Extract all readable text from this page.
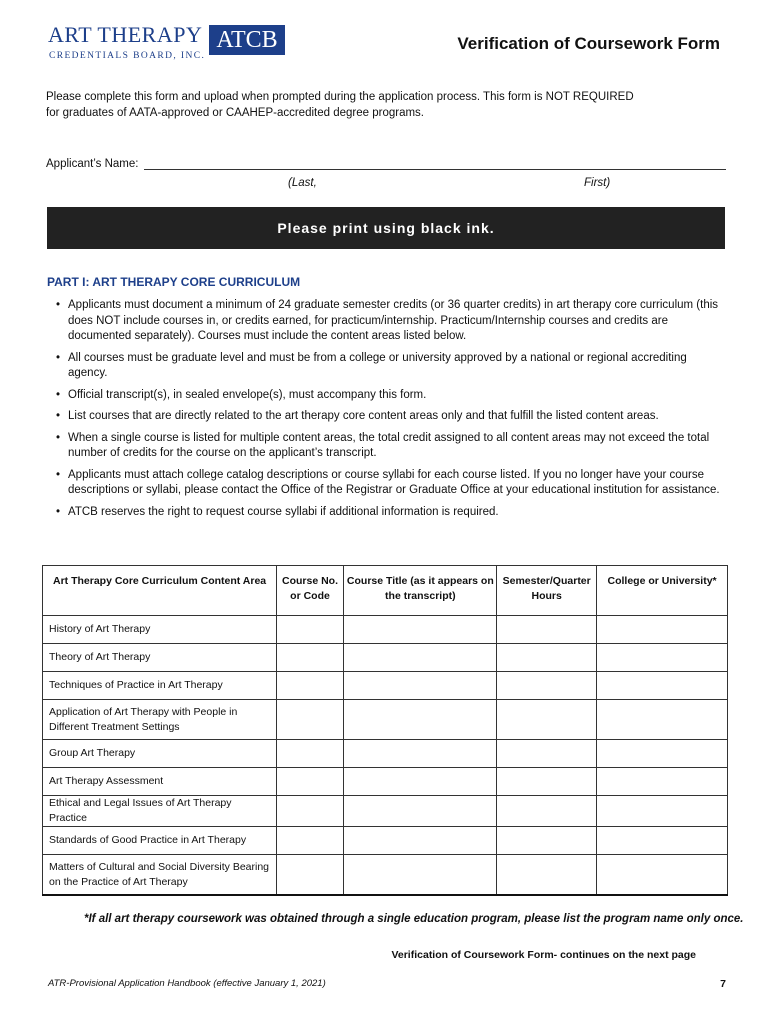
ART THERAPY ATCB
CREDENTIALS BOARD, INC.
Verification of Coursework Form
Please complete this form and upload when prompted during the application process. This form is NOT REQUIRED
for graduates of AATA-approved or CAAHEP-accredited degree programs.
Applicant’s Name:
(Last,	First)
Please print using black ink.
PART I: ART THERAPY CORE CURRICULUM
• Applicants must document a minimum of 24 graduate semester credits (or 36 quarter credits) in art therapy core curriculum (this does NOT include courses in, or credits earned, for practicum/internship. Practicum/Internship courses and credits are documented separately). Courses must include the content areas listed below.
• All courses must be graduate level and must be from a college or university approved by a national or regional accrediting agency.
• Official transcript(s), in sealed envelope(s), must accompany this form.
• List courses that are directly related to the art therapy core content areas only and that fulfill the listed content areas.
• When a single course is listed for multiple content areas, the total credit assigned to all content areas may not exceed the total number of credits for the course on the applicant’s transcript.
• Applicants must attach college catalog descriptions or course syllabi for each course listed. If you no longer have your course descriptions or syllabi, please contact the Office of the Registrar or Graduate Office at your educational institution for assistance.
• ATCB reserves the right to request course syllabi if additional information is required.
Art Therapy Core Curriculum Content Area	Course No. or Code	Course Title (as it appears on the transcript)	Semester/Quarter Hours	College or University*
History of Art Therapy				
Theory of Art Therapy				
Techniques of Practice in Art Therapy				
Application of Art Therapy with People in Different Treatment Settings				
Group Art Therapy				
Art Therapy Assessment				
Ethical and Legal Issues of Art Therapy Practice				
Standards of Good Practice in Art Therapy				
Matters of Cultural and Social Diversity Bearing on the Practice of Art Therapy				
*If all art therapy coursework was obtained through a single education program, please list the program name only once.
Verification of Coursework Form- continues on the next page
ATR-Provisional Application Handbook (effective January 1, 2021)	7
